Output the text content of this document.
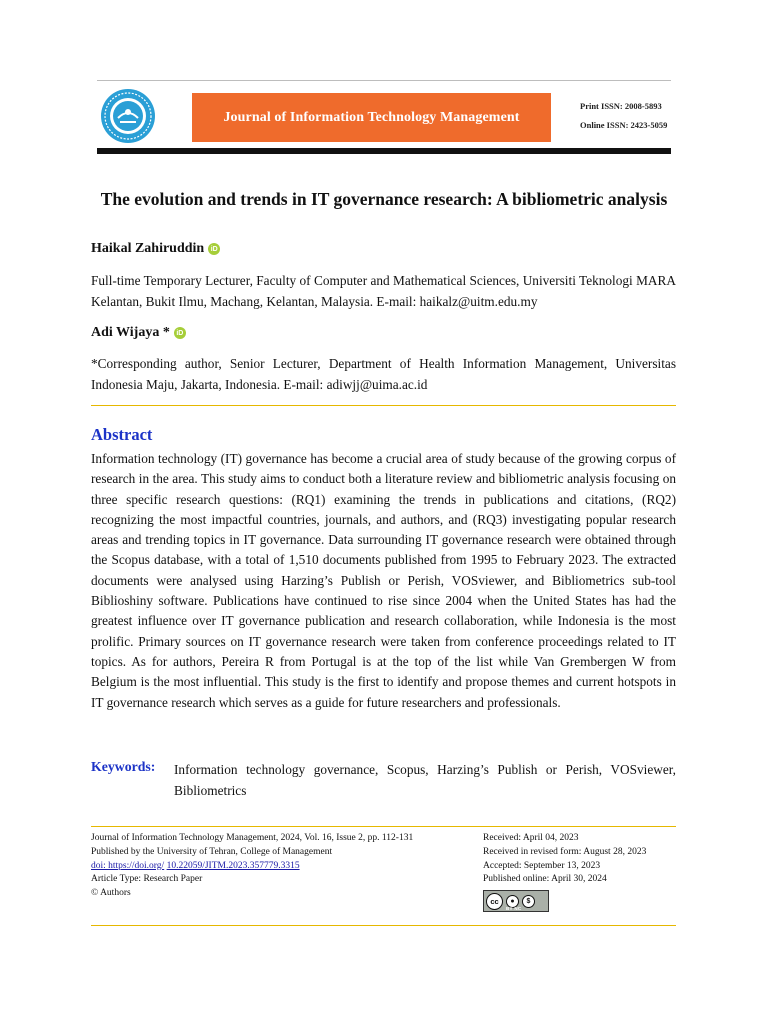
Journal of Information Technology Management
Print ISSN: 2008-5893
Online ISSN: 2423-5059
The evolution and trends in IT governance research: A bibliometric analysis
Haikal Zahiruddin iD
Full-time Temporary Lecturer, Faculty of Computer and Mathematical Sciences, Universiti Teknologi MARA Kelantan, Bukit Ilmu, Machang, Kelantan, Malaysia. E-mail: haikalz@uitm.edu.my
Adi Wijaya * iD
*Corresponding author, Senior Lecturer, Department of Health Information Management, Universitas Indonesia Maju, Jakarta, Indonesia. E-mail: adiwjj@uima.ac.id
Abstract
Information technology (IT) governance has become a crucial area of study because of the growing corpus of research in the area. This study aims to conduct both a literature review and bibliometric analysis focusing on three specific research questions: (RQ1) examining the trends in publications and citations, (RQ2) recognizing the most impactful countries, journals, and authors, and (RQ3) investigating popular research areas and trending topics in IT governance. Data surrounding IT governance research were obtained through the Scopus database, with a total of 1,510 documents published from 1995 to February 2023. The extracted documents were analysed using Harzing’s Publish or Perish, VOSviewer, and Bibliometrics sub-tool Biblioshiny software. Publications have continued to rise since 2004 when the United States has had the greatest influence over IT governance publication and research collaboration, while Indonesia is the most prolific. Primary sources on IT governance research were taken from conference proceedings related to IT topics. As for authors, Pereira R from Portugal is at the top of the list while Van Grembergen W from Belgium is the most influential. This study is the first to identify and propose themes and current hotspots in IT governance research which serves as a guide for future researchers and professionals.
Keywords: Information technology governance, Scopus, Harzing’s Publish or Perish, VOSviewer, Bibliometrics
Journal of Information Technology Management, 2024, Vol. 16, Issue 2, pp. 112-131
Published by the University of Tehran, College of Management
doi: https://doi.org/ 10.22059/JITM.2023.357779.3315
Article Type: Research Paper
© Authors
Received: April 04, 2023
Received in revised form: August 28, 2023
Accepted: September 13, 2023
Published online: April 30, 2024
cc	●	$
BY NC
